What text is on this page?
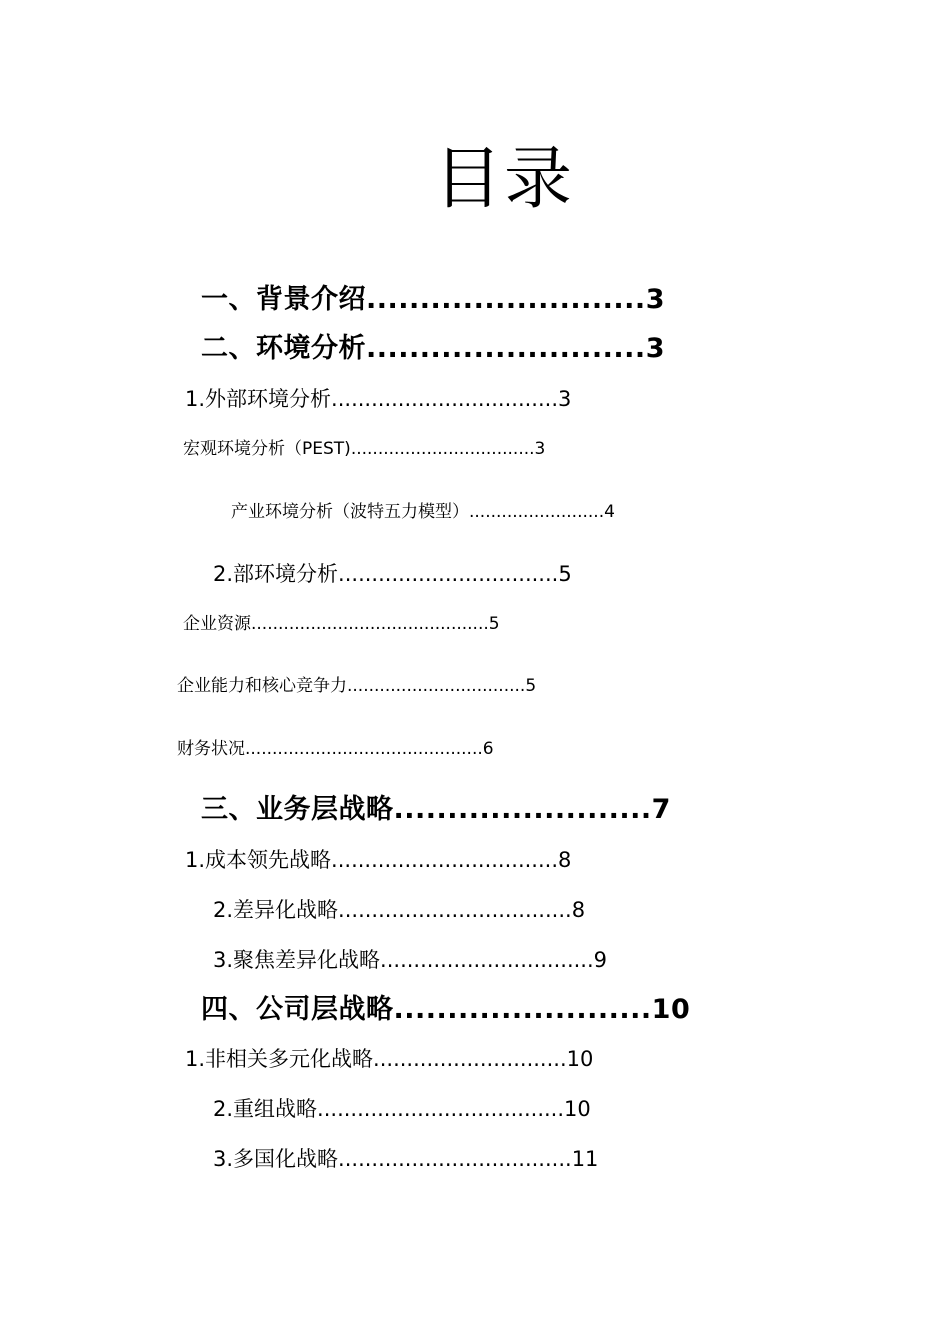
目录
一、背景介绍..........................3
二、环境分析..........................3
1.外部环境分析..................................3
宏观环境分析（PEST)..................................3
产业环境分析（波特五力模型）.........................4
2.部环境分析.................................5
企业资源............................................5
企业能力和核心竞争力.................................5
财务状况............................................6
三、业务层战略........................7
1.成本领先战略..................................8
2.差异化战略...................................8
3.聚焦差异化战略................................9
四、公司层战略........................10
1.非相关多元化战略.............................10
2.重组战略.....................................10
3.多国化战略...................................11
